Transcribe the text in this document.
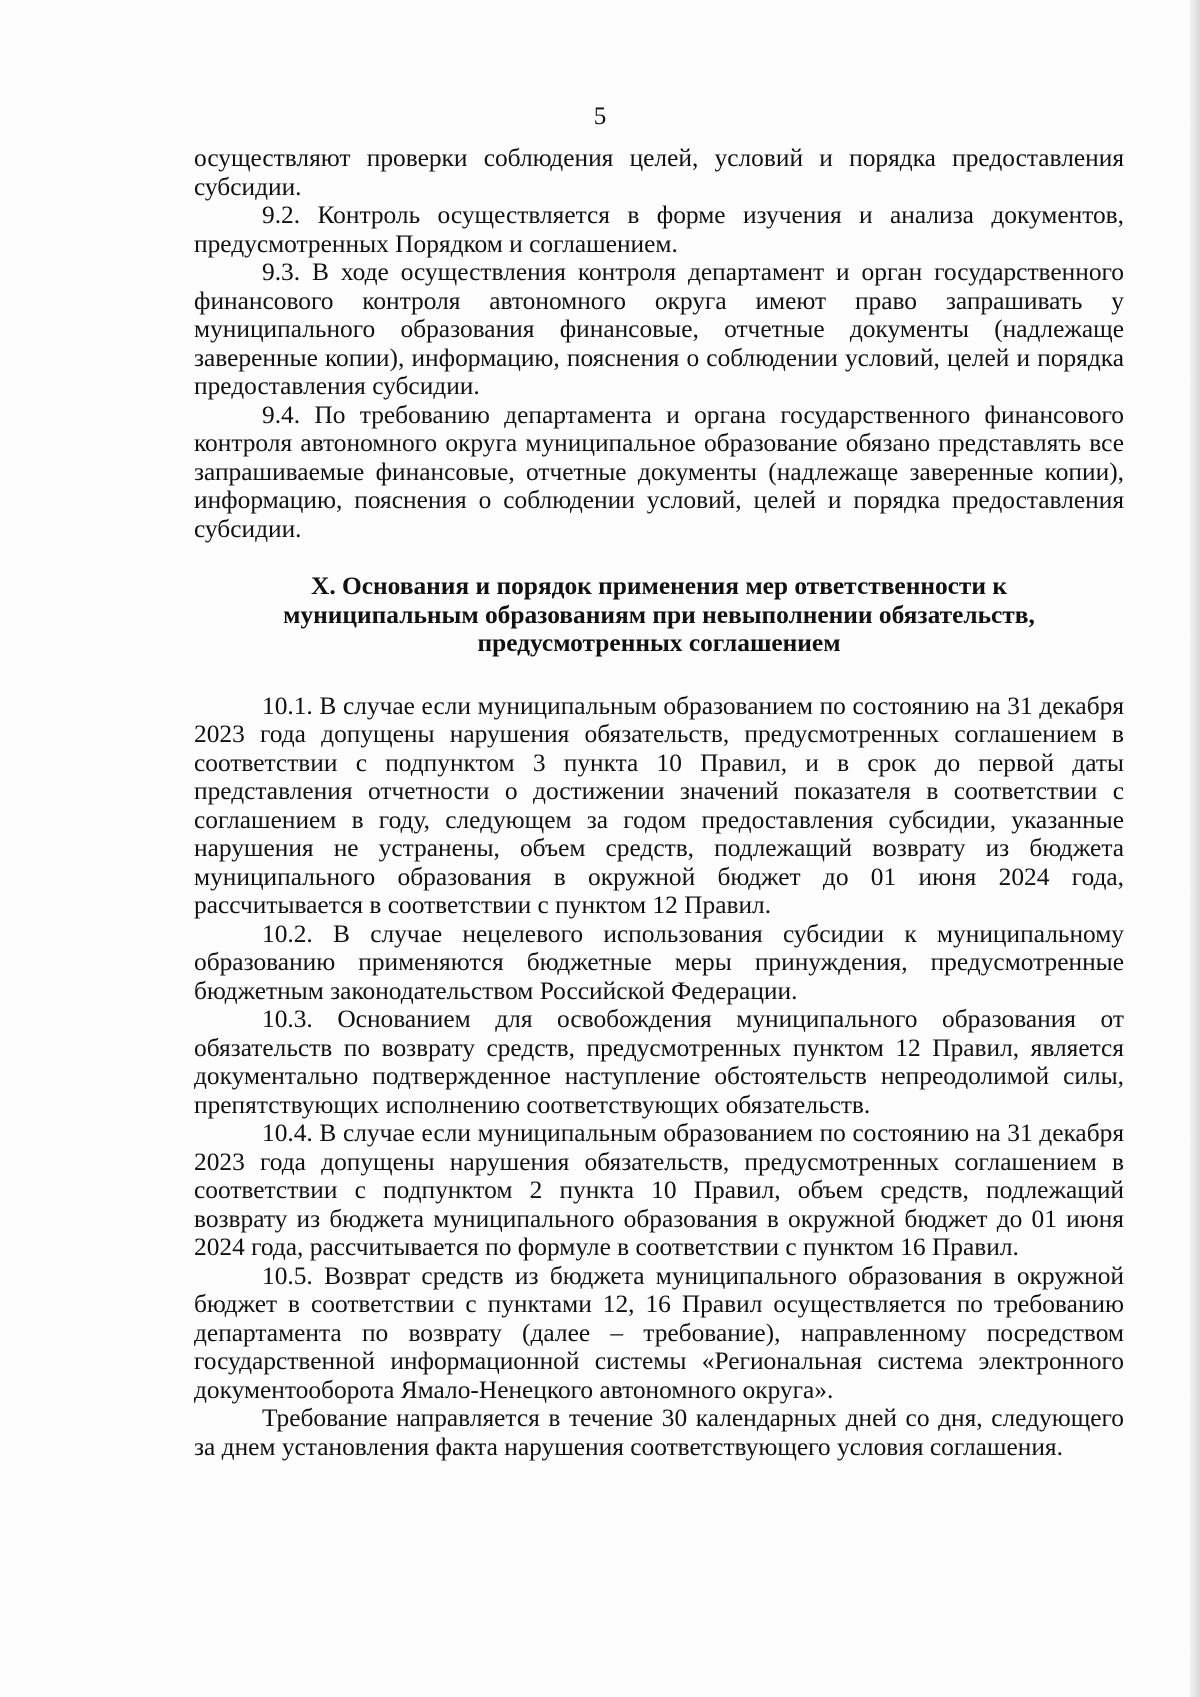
5

осуществляют проверки соблюдения целей, условий и порядка предоставления субсидии.

9.2. Контроль осуществляется в форме изучения и анализа документов, предусмотренных Порядком и соглашением.

9.3. В ходе осуществления контроля департамент и орган государственного финансового контроля автономного округа имеют право запрашивать у муниципального образования финансовые, отчетные документы (надлежаще заверенные копии), информацию, пояснения о соблюдении условий, целей и порядка предоставления субсидии.

9.4. По требованию департамента и органа государственного финансового контроля автономного округа муниципальное образование обязано представлять все запрашиваемые финансовые, отчетные документы (надлежаще заверенные копии), информацию, пояснения о соблюдении условий, целей и порядка предоставления субсидии.

X. Основания и порядок применения мер ответственности к муниципальным образованиям при невыполнении обязательств, предусмотренных соглашением

10.1. В случае если муниципальным образованием по состоянию на 31 декабря 2023 года допущены нарушения обязательств, предусмотренных соглашением в соответствии с подпунктом 3 пункта 10 Правил, и в срок до первой даты представления отчетности о достижении значений показателя в соответствии с соглашением в году, следующем за годом предоставления субсидии, указанные нарушения не устранены, объем средств, подлежащий возврату из бюджета муниципального образования в окружной бюджет до 01 июня 2024 года, рассчитывается в соответствии с пунктом 12 Правил.

10.2. В случае нецелевого использования субсидии к муниципальному образованию применяются бюджетные меры принуждения, предусмотренные бюджетным законодательством Российской Федерации.

10.3. Основанием для освобождения муниципального образования от обязательств по возврату средств, предусмотренных пунктом 12 Правил, является документально подтвержденное наступление обстоятельств непреодолимой силы, препятствующих исполнению соответствующих обязательств.

10.4. В случае если муниципальным образованием по состоянию на 31 декабря 2023 года допущены нарушения обязательств, предусмотренных соглашением в соответствии с подпунктом 2 пункта 10 Правил, объем средств, подлежащий возврату из бюджета муниципального образования в окружной бюджет до 01 июня 2024 года, рассчитывается по формуле в соответствии с пунктом 16 Правил.

10.5. Возврат средств из бюджета муниципального образования в окружной бюджет в соответствии с пунктами 12, 16 Правил осуществляется по требованию департамента по возврату (далее – требование), направленному посредством государственной информационной системы «Региональная система электронного документооборота Ямало-Ненецкого автономного округа».

Требование направляется в течение 30 календарных дней со дня, следующего за днем установления факта нарушения соответствующего условия соглашения.
